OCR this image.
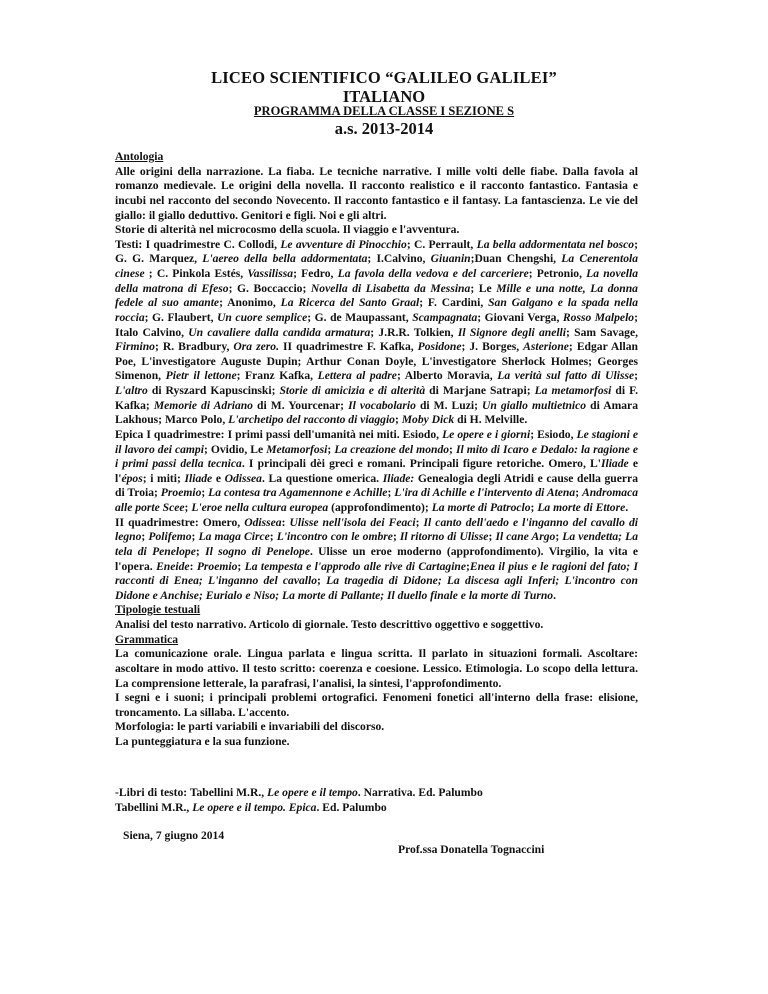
LICEO SCIENTIFICO “GALILEO GALILEI”
ITALIANO
PROGRAMMA DELLA CLASSE I SEZIONE S
a.s. 2013-2014

Antologia

Alle origini della narrazione. La fiaba. Le tecniche narrative. I mille volti delle fiabe. Dalla favola al romanzo medievale. Le origini della novella. Il racconto realistico e il racconto fantastico. Fantasia e incubi nel racconto del secondo Novecento. Il racconto fantastico e il fantasy. La fantascienza. Le vie del giallo: il giallo deduttivo. Genitori e figli. Noi e gli altri.

Storie di alterità nel microcosmo della scuola. Il viaggio e l'avventura.

Testi: I quadrimestre C. Collodi, Le avventure di Pinocchio; C. Perrault, La bella addormentata nel bosco; G. G. Marquez, L'aereo della bella addormentata; I.Calvino, Giuanin;Duan Chengshi, La Cenerentola cinese ; C. Pinkola Estés, Vassilissa; Fedro, La favola della vedova e del carceriere; Petronio, La novella della matrona di Efeso; G. Boccaccio; Novella di Lisabetta da Messina; Le Mille e una notte, La donna fedele al suo amante; Anonimo, La Ricerca del Santo Graal; F. Cardini, San Galgano e la spada nella roccia; G. Flaubert, Un cuore semplice; G. de Maupassant, Scampagnata; Giovani Verga, Rosso Malpelo; Italo Calvino, Un cavaliere dalla candida armatura; J.R.R. Tolkien, Il Signore degli anelli; Sam Savage, Firmino; R. Bradbury, Ora zero. II quadrimestre F. Kafka, Posidone; J. Borges, Asterione; Edgar Allan Poe, L'investigatore Auguste Dupin; Arthur Conan Doyle, L'investigatore Sherlock Holmes; Georges Simenon, Pietr il lettone; Franz Kafka, Lettera al padre; Alberto Moravia, La verità sul fatto di Ulisse; L'altro di Ryszard Kapuscinski; Storie di amicizia e di alterità di Marjane Satrapi; La metamorfosi di F. Kafka; Memorie di Adriano di M. Yourcenar; Il vocabolario di M. Luzi; Un giallo multietnico di Amara Lakhous; Marco Polo, L'archetipo del racconto di viaggio; Moby Dick di H. Melville.

Epica I quadrimestre: I primi passi dell'umanità nei miti. Esiodo, Le opere e i giorni; Esiodo, Le stagioni e il lavoro dei campi; Ovidio, Le Metamorfosi; La creazione del mondo; Il mito di Icaro e Dedalo: la ragione e i primi passi della tecnica. I principali dèi greci e romani. Principali figure retoriche. Omero, L'Iliade e l'épos; i miti; Iliade e Odissea. La questione omerica. Iliade: Genealogia degli Atridi e cause della guerra di Troia; Proemio; La contesa tra Agamennone e Achille; L'ira di Achille e l'intervento di Atena; Andromaca alle porte Scee; L'eroe nella cultura europea (approfondimento); La morte di Patroclo; La morte di Ettore.

II quadrimestre: Omero, Odissea: Ulisse nell'isola dei Feaci; Il canto dell'aedo e l'inganno del cavallo di legno; Polifemo; La maga Circe; L'incontro con le ombre; Il ritorno di Ulisse; Il cane Argo; La vendetta; La tela di Penelope; Il sogno di Penelope. Ulisse un eroe moderno (approfondimento). Virgilio, la vita e l'opera. Eneide: Proemio; La tempesta e l'approdo alle rive di Cartagine;Enea il pius e le ragioni del fato; I racconti di Enea; L'inganno del cavallo; La tragedia di Didone; La discesa agli Inferi; L'incontro con Didone e Anchise; Eurialo e Niso; La morte di Pallante; Il duello finale e la morte di Turno.

Tipologie testuali

Analisi del testo narrativo. Articolo di giornale. Testo descrittivo oggettivo e soggettivo.

Grammatica

La comunicazione orale. Lingua parlata e lingua scritta. Il parlato in situazioni formali. Ascoltare: ascoltare in modo attivo. Il testo scritto: coerenza e coesione. Lessico. Etimologia. Lo scopo della lettura. La comprensione letterale, la parafrasi, l'analisi, la sintesi, l'approfondimento.

I segni e i suoni; i principali problemi ortografici. Fenomeni fonetici all'interno della frase: elisione, troncamento. La sillaba. L'accento.

Morfologia: le parti variabili e invariabili del discorso.

La punteggiatura e la sua funzione.

-Libri di testo: Tabellini M.R., Le opere e il tempo. Narrativa. Ed. Palumbo

Tabellini M.R., Le opere e il tempo. Epica. Ed. Palumbo

Siena, 7 giugno 2014
Prof.ssa Donatella Tognaccini
